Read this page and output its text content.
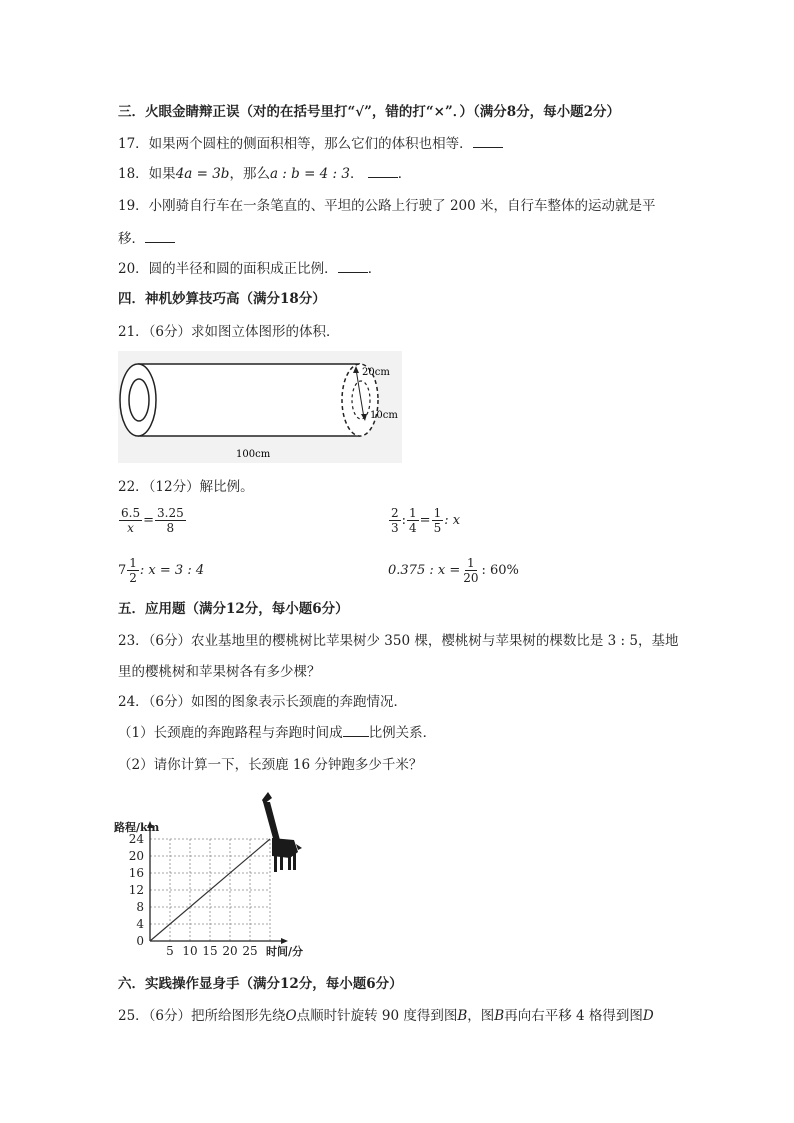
三．火眼金睛辩正误（对的在括号里打“√”，错的打“×”．）（满分8分，每小题2分）
17．如果两个圆柱的侧面积相等，那么它们的体积也相等．
18．如果4a = 3b，那么a : b = 4 : 3．	．
19．小刚骑自行车在一条笔直的、平坦的公路上行驶了 200 米，自行车整体的运动就是平
移．
20．圆的半径和圆的面积成正比例． ．
四．神机妙算技巧高（满分18分）
21．（6分）求如图立体图形的体积．
20cm
10cm
100cm
22．（12分）解比例。
$\frac{6.5}{x} = \frac{3.25}{8}$	$\frac{2}{3}$ : $\frac{1}{4} = \frac{1}{5}$ : x
$7 \frac{1}{2}$ : x = 3 : 4	0.375 : $x = \frac{1}{20}$ : 60%
五．应用题（满分12分，每小题6分）
23．（6分）农业基地里的樱桃树比苹果树少 350 棵，樱桃树与苹果树的棵数比是 3 : 5，基地
里的樱桃树和苹果树各有多少棵？
24．（6分）如图的图象表示长颈鹿的奔跑情况．
（1）长颈鹿的奔跑路程与奔跑时间成 比例关系．
（2）请你计算一下，长颈鹿 16 分钟跑多少千米？
5 10 15 20 25
4
8
12
16
20
24
0
路程/km
时间/分
六．实践操作显身手（满分12分，每小题6分）
25．（6分）把所给图形先绕O点顺时针旋转 90 度得到图B，图B再向右平移 4 格得到图D
